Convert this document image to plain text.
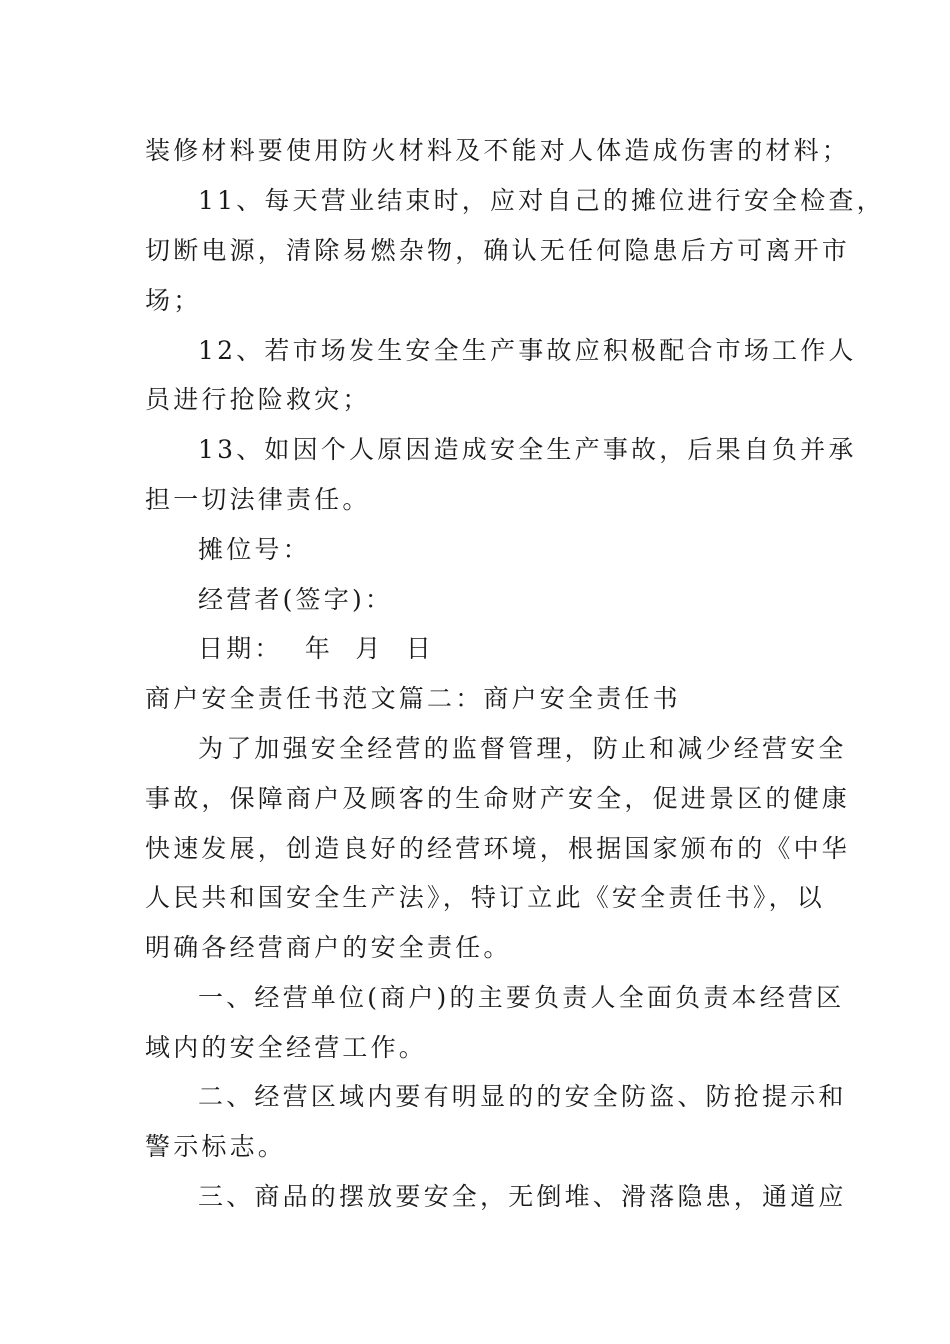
装修材料要使用防火材料及不能对人体造成伤害的材料；
11、每天营业结束时，应对自己的摊位进行安全检查，
切断电源，清除易燃杂物，确认无任何隐患后方可离开市
场；
12、若市场发生安全生产事故应积极配合市场工作人
员进行抢险救灾；
13、如因个人原因造成安全生产事故，后果自负并承
担一切法律责任。
摊位号：
经营者(签字)：
日期：  年  月  日
商户安全责任书范文篇二：商户安全责任书
为了加强安全经营的监督管理，防止和减少经营安全
事故，保障商户及顾客的生命财产安全，促进景区的健康
快速发展，创造良好的经营环境，根据国家颁布的《中华
人民共和国安全生产法》，特订立此《安全责任书》，以
明确各经营商户的安全责任。
一、经营单位(商户)的主要负责人全面负责本经营区
域内的安全经营工作。
二、经营区域内要有明显的的安全防盗、防抢提示和
警示标志。
三、商品的摆放要安全，无倒堆、滑落隐患，通道应
